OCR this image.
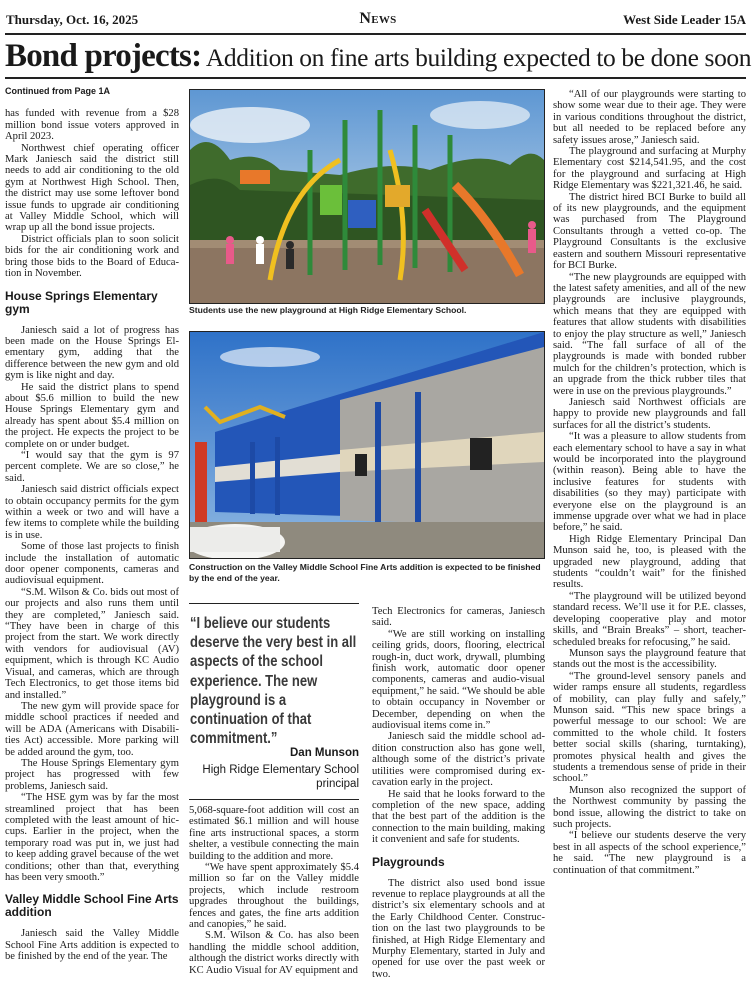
Thursday, Oct. 16, 2025	News	West Side Leader 15A
Bond projects: Addition on fine arts building expected to be done soon

Continued from Page 1A

has funded with revenue from a $28 million bond issue voters approved in April 2023.

Northwest chief operating officer Mark Janiesch said the district still needs to add air conditioning to the old gym at Northwest High School. Then, the district may use some leftover bond issue funds to upgrade air conditioning at Valley Middle School, which will wrap up all the bond issue projects.

District officials plan to soon solicit bids for the air conditioning work and bring those bids to the Board of Education in November.

House Springs Elementary gym

Janiesch said a lot of progress has been made on the House Springs Elementary gym, adding that the difference between the new gym and old gym is like night and day.

He said the district plans to spend about $5.6 million to build the new House Springs Elementary gym and already has spent about $5.4 million on the project. He expects the project to be complete on or under budget.

“I would say that the gym is 97 percent complete. We are so close,” he said.

Janiesch said district officials expect to obtain occupancy permits for the gym within a week or two and will have a few items to complete while the building is in use.

Some of those last projects to finish include the installation of automatic door opener components, cameras and audiovisual equipment.

“S.M. Wilson & Co. bids out most of our projects and also runs them until they are completed,” Janiesch said. “They have been in charge of this project from the start. We work directly with vendors for audiovisual (AV) equipment, which is through KC Audio Visual, and cameras, which are through Tech Electronics, to get those items bid and installed.”

The new gym will provide space for middle school practices if needed and will be ADA (Americans with Disabilities Act) accessible. More parking will be added around the gym, too.

The House Springs Elementary gym project has progressed with few problems, Janiesch said.

“The HSE gym was by far the most streamlined project that has been completed with the least amount of hiccups. Earlier in the project, when the temporary road was put in, we just had to keep adding gravel because of the wet conditions; other than that, everything has been very smooth.”

Valley Middle School Fine Arts addition

Janiesch said the Valley Middle School Fine Arts addition is expected to be finished by the end of the year. The

Students use the new playground at High Ridge Elementary School.
Construction on the Valley Middle School Fine Arts addition is expected to be finished by the end of the year.
“I believe our students deserve the very best in all aspects of the school experience. The new playground is a continuation of that commitment.”
Dan Munson
High Ridge Elementary School principal

5,068-square-foot addition will cost an estimated $6.1 million and will house fine arts instructional spaces, a storm shelter, a vestibule connecting the main building to the addition and more.

“We have spent approximately $5.4 million so far on the Valley middle projects, which include restroom upgrades throughout the buildings, fences and gates, the fine arts addition and canopies,” he said.

S.M. Wilson & Co. has also been handling the middle school addition, although the district works directly with KC Audio Visual for AV equipment and

Tech Electronics for cameras, Janiesch said.

“We are still working on installing ceiling grids, doors, flooring, electrical rough-in, duct work, drywall, plumbing finish work, automatic door opener components, cameras and audio-visual equipment,” he said. “We should be able to obtain occupancy in November or December, depending on when the audiovisual items come in.”

Janiesch said the middle school addition construction also has gone well, although some of the district’s private utilities were compromised during excavation early in the project.

He said that he looks forward to the completion of the new space, adding that the best part of the addition is the connection to the main building, making it convenient and safe for students.

Playgrounds

The district also used bond issue revenue to replace playgrounds at all the district’s six elementary schools and at the Early Childhood Center. Construction on the last two playgrounds to be finished, at High Ridge Elementary and Murphy Elementary, started in July and opened for use over the past week or two.

“All of our playgrounds were starting to show some wear due to their age. They were in various conditions throughout the district, but all needed to be replaced before any safety issues arose,” Janiesch said.

The playground and surfacing at Murphy Elementary cost $214,541.95, and the cost for the playground and surfacing at High Ridge Elementary was $221,321.46, he said.

The district hired BCI Burke to build all of its new playgrounds, and the equipment was purchased from The Playground Consultants through a vetted co-op. The Playground Consultants is the exclusive eastern and southern Missouri representative for BCI Burke.

“The new playgrounds are equipped with the latest safety amenities, and all of the new playgrounds are inclusive playgrounds, which means that they are equipped with features that allow students with disabilities to enjoy the play structure as well,” Janiesch said. “The fall surface of all of the playgrounds is made with bonded rubber mulch for the children’s protection, which is an upgrade from the thick rubber tiles that were in use on the previous playgrounds.”

Janiesch said Northwest officials are happy to provide new playgrounds and fall surfaces for all the district’s students.

“It was a pleasure to allow students from each elementary school to have a say in what would be incorporated into the playground (within reason). Being able to have the inclusive features for students with disabilities (so they may) participate with everyone else on the playground is an immense upgrade over what we had in place before,” he said.

High Ridge Elementary Principal Dan Munson said he, too, is pleased with the upgraded new playground, adding that students “couldn’t wait” for the finished results.

“The playground will be utilized beyond standard recess. We’ll use it for P.E. classes, developing cooperative play and motor skills, and “Brain Breaks” – short, teacher-scheduled breaks for refocusing,” he said.

Munson says the playground feature that stands out the most is the accessibility.

“The ground-level sensory panels and wider ramps ensure all students, regardless of mobility, can play fully and safely,” Munson said. “This new space brings a powerful message to our school: We are committed to the whole child. It fosters better social skills (sharing, turntaking), promotes physical health and gives the students a tremendous sense of pride in their school.”

Munson also recognized the support of the Northwest community by passing the bond issue, allowing the district to take on such projects.

“I believe our students deserve the very best in all aspects of the school experience,” he said. “The new playground is a continuation of that commitment.”
